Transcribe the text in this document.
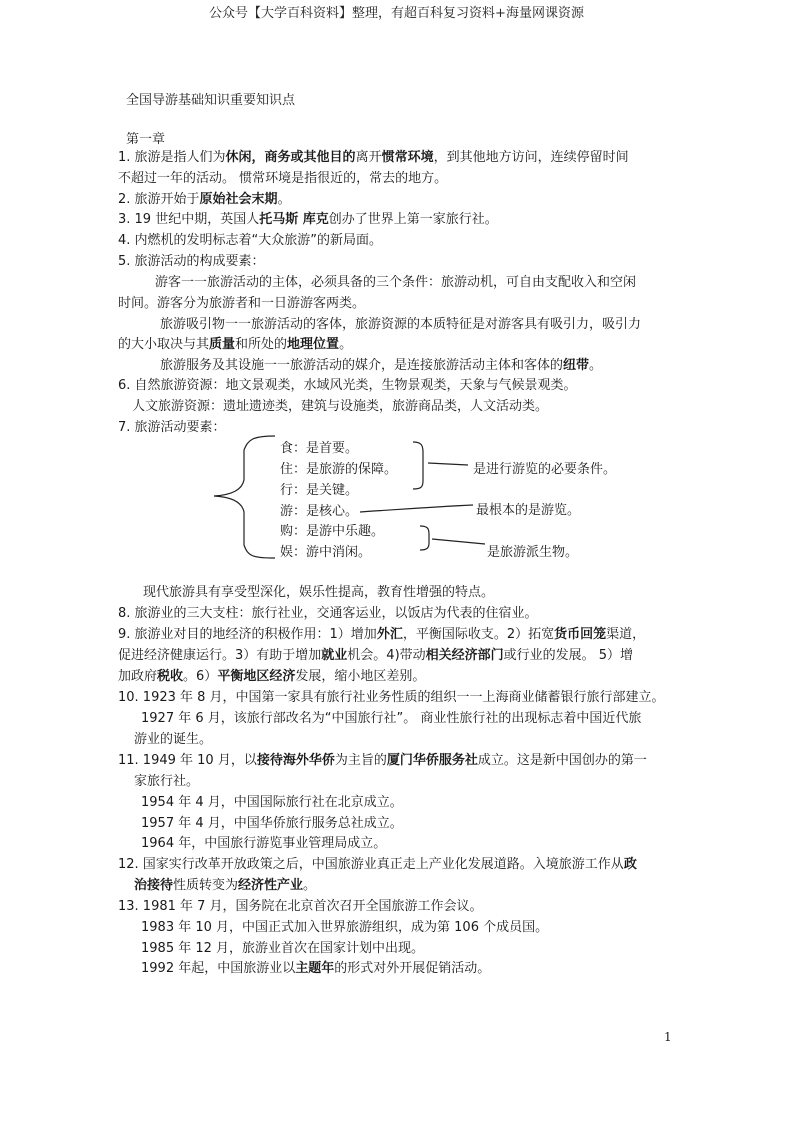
公众号【大学百科资料】整理，有超百科复习资料+海量网课资源
全国导游基础知识重要知识点
第一章
1. 旅游是指人们为休闲，商务或其他目的离开惯常环境，到其他地方访问，连续停留时间
不超过一年的活动。 惯常环境是指很近的，常去的地方。
2. 旅游开始于原始社会末期。
3. 19 世纪中期，英国人托马斯 库克创办了世界上第一家旅行社。
4. 内燃机的发明标志着“大众旅游”的新局面。
5. 旅游活动的构成要素：
游客一一旅游活动的主体，必须具备的三个条件：旅游动机，可自由支配收入和空闲
时间。游客分为旅游者和一日游游客两类。
旅游吸引物一一旅游活动的客体，旅游资源的本质特征是对游客具有吸引力，吸引力
的大小取决与其质量和所处的地理位置。
旅游服务及其设施一一旅游活动的媒介，是连接旅游活动主体和客体的纽带。
6. 自然旅游资源：地文景观类，水域风光类，生物景观类，天象与气候景观类。
人文旅游资源：遗址遗迹类，建筑与设施类，旅游商品类，人文活动类。
7. 旅游活动要素：
食：是首要。
住：是旅游的保障。
行：是关键。
游：是核心。
购：是游中乐趣。
娱：游中消闲。
是进行游览的必要条件。
最根本的是游览。
是旅游派生物。
现代旅游具有享受型深化，娱乐性提高，教育性增强的特点。
8. 旅游业的三大支柱：旅行社业，交通客运业，以饭店为代表的住宿业。
9. 旅游业对目的地经济的积极作用：1）增加外汇，平衡国际收支。2）拓宽货币回笼渠道，
促进经济健康运行。3）有助于增加就业机会。4)带动相关经济部门或行业的发展。 5）增
加政府税收。6）平衡地区经济发展，缩小地区差别。
10. 1923 年 8 月，中国第一家具有旅行社业务性质的组织一一上海商业储蓄银行旅行部建立。
1927 年 6 月，该旅行部改名为“中国旅行社”。 商业性旅行社的出现标志着中国近代旅
游业的诞生。
11. 1949 年 10 月，以接待海外华侨为主旨的厦门华侨服务社成立。这是新中国创办的第一
家旅行社。
1954 年 4 月，中国国际旅行社在北京成立。
1957 年 4 月，中国华侨旅行服务总社成立。
1964 年，中国旅行游览事业管理局成立。
12. 国家实行改革开放政策之后，中国旅游业真正走上产业化发展道路。入境旅游工作从政
治接待性质转变为经济性产业。
13. 1981 年 7 月，国务院在北京首次召开全国旅游工作会议。
1983 年 10 月，中国正式加入世界旅游组织，成为第 106 个成员国。
1985 年 12 月，旅游业首次在国家计划中出现。
1992 年起，中国旅游业以主题年的形式对外开展促销活动。
1
